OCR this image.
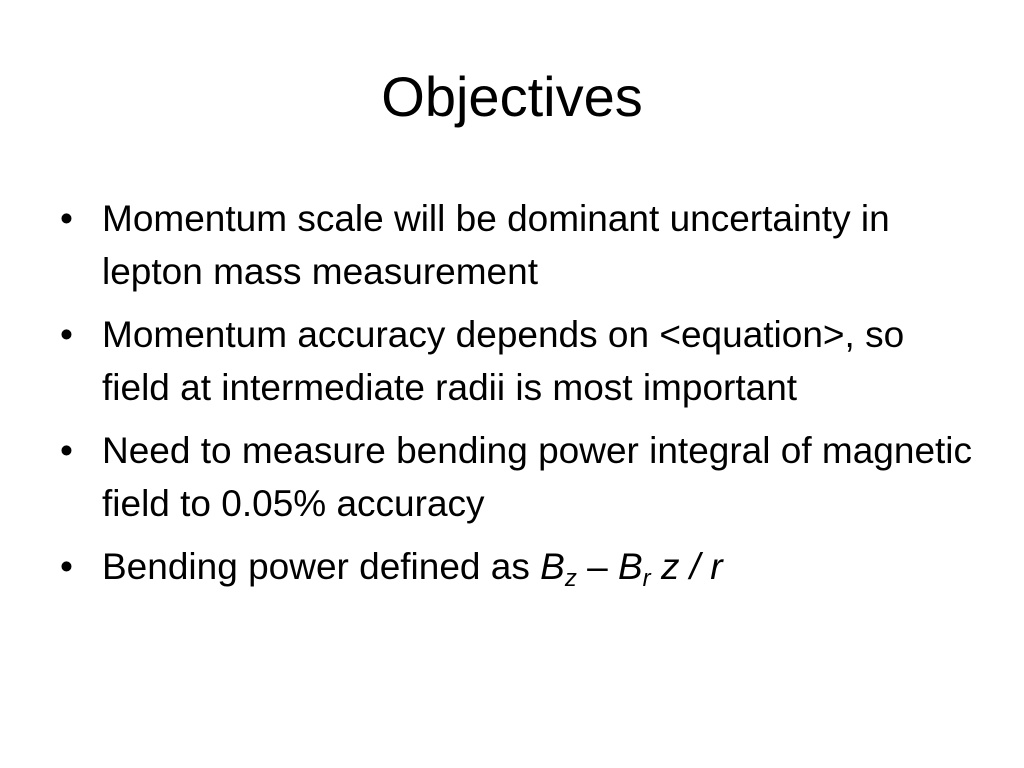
Objectives
• Momentum scale will be dominant uncertainty in lepton mass measurement
• Momentum accuracy depends on <equation>, so field at intermediate radii is most important
• Need to measure bending power integral of magnetic field to 0.05% accuracy
• Bending power defined as $B_z - B_r$ z / r
